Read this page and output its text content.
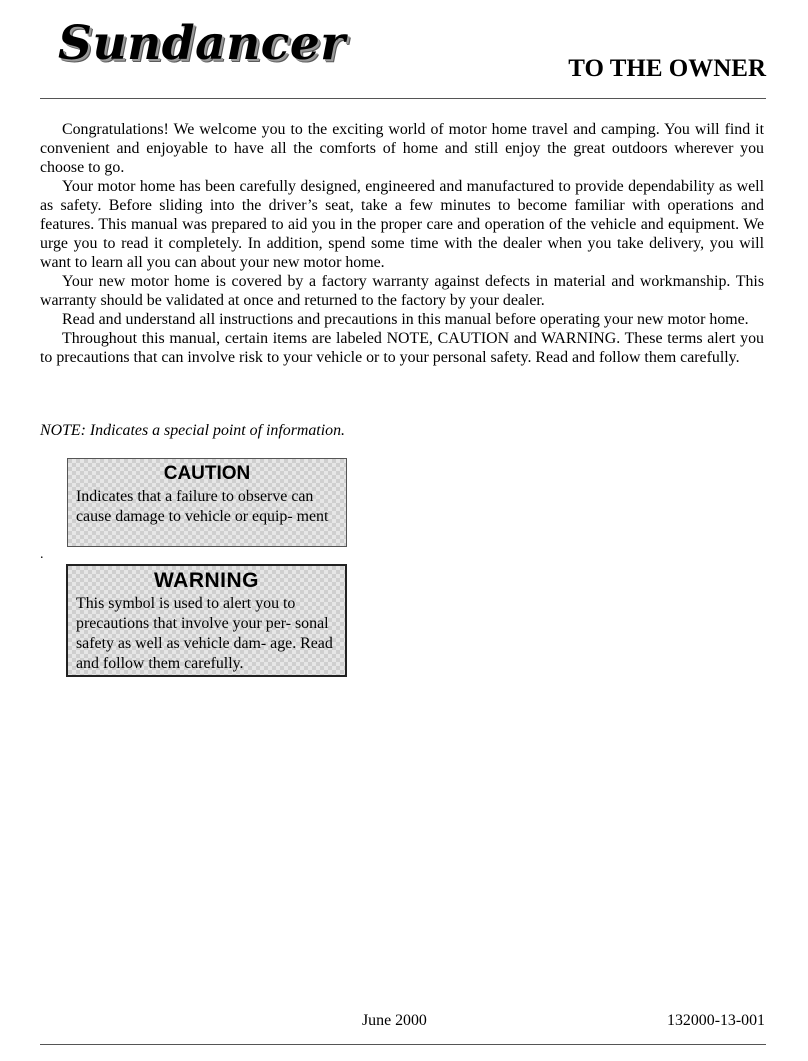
Sundancer	TO THE OWNER

Congratulations! We welcome you to the exciting world of motor home travel and camping. You will find it convenient and enjoyable to have all the comforts of home and still enjoy the great outdoors wherever you choose to go.

Your motor home has been carefully designed, engineered and manufactured to provide dependability as well as safety. Before sliding into the driver’s seat, take a few minutes to become familiar with operations and features. This manual was prepared to aid you in the proper care and operation of the vehicle and equipment. We urge you to read it completely. In addition, spend some time with the dealer when you take delivery, you will want to learn all you can about your new motor home.

Your new motor home is covered by a factory warranty against defects in material and workmanship. This warranty should be validated at once and returned to the factory by your dealer.

Read and understand all instructions and precautions in this manual before operating your new motor home.

Throughout this manual, certain items are labeled NOTE, CAUTION and WARNING. These terms alert you to precautions that can involve risk to your vehicle or to your personal safety. Read and follow them carefully.

NOTE: Indicates a special point of information.
CAUTION
Indicates that a failure to observe can cause damage to vehicle or equip- ment
.
WARNING
This symbol is used to alert you to precautions that involve your per- sonal safety as well as vehicle dam- age. Read and follow them carefully.
June 2000	132000-13-001
